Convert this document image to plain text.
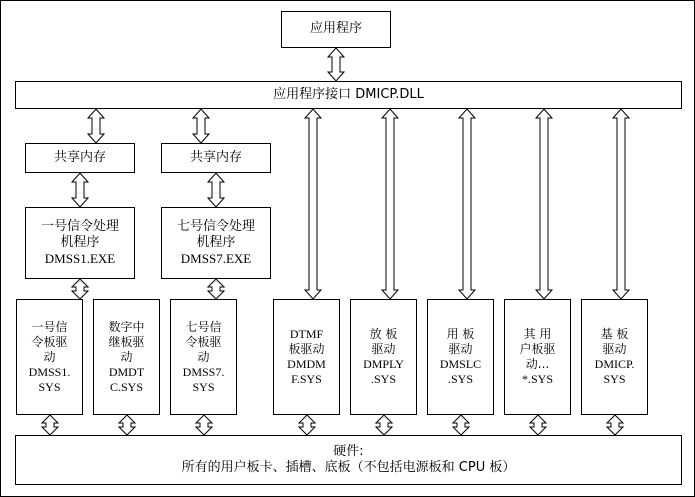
应用程序
应用程序接口 DMICP.DLL
共享内存	共享内存
一号信令处理
机程序
DMSS1.EXE
七号信令处理
机程序
DMSS7.EXE
一号信
令板驱
动
DMSS1.
SYS
数字中
继板驱
动
DMDT
C.SYS
七号信
令板驱
动
DMSS7.
SYS
DTMF
板驱动
DMDM
F.SYS
放 板
驱动
DMPLY
.SYS
用 板
驱动
DMSLC
.SYS
其 用
户板驱
动...
*.SYS
基 板
驱动
DMICP.
SYS
硬件:
所有的用户板卡、插槽、底板（不包括电源板和 CPU 板）
